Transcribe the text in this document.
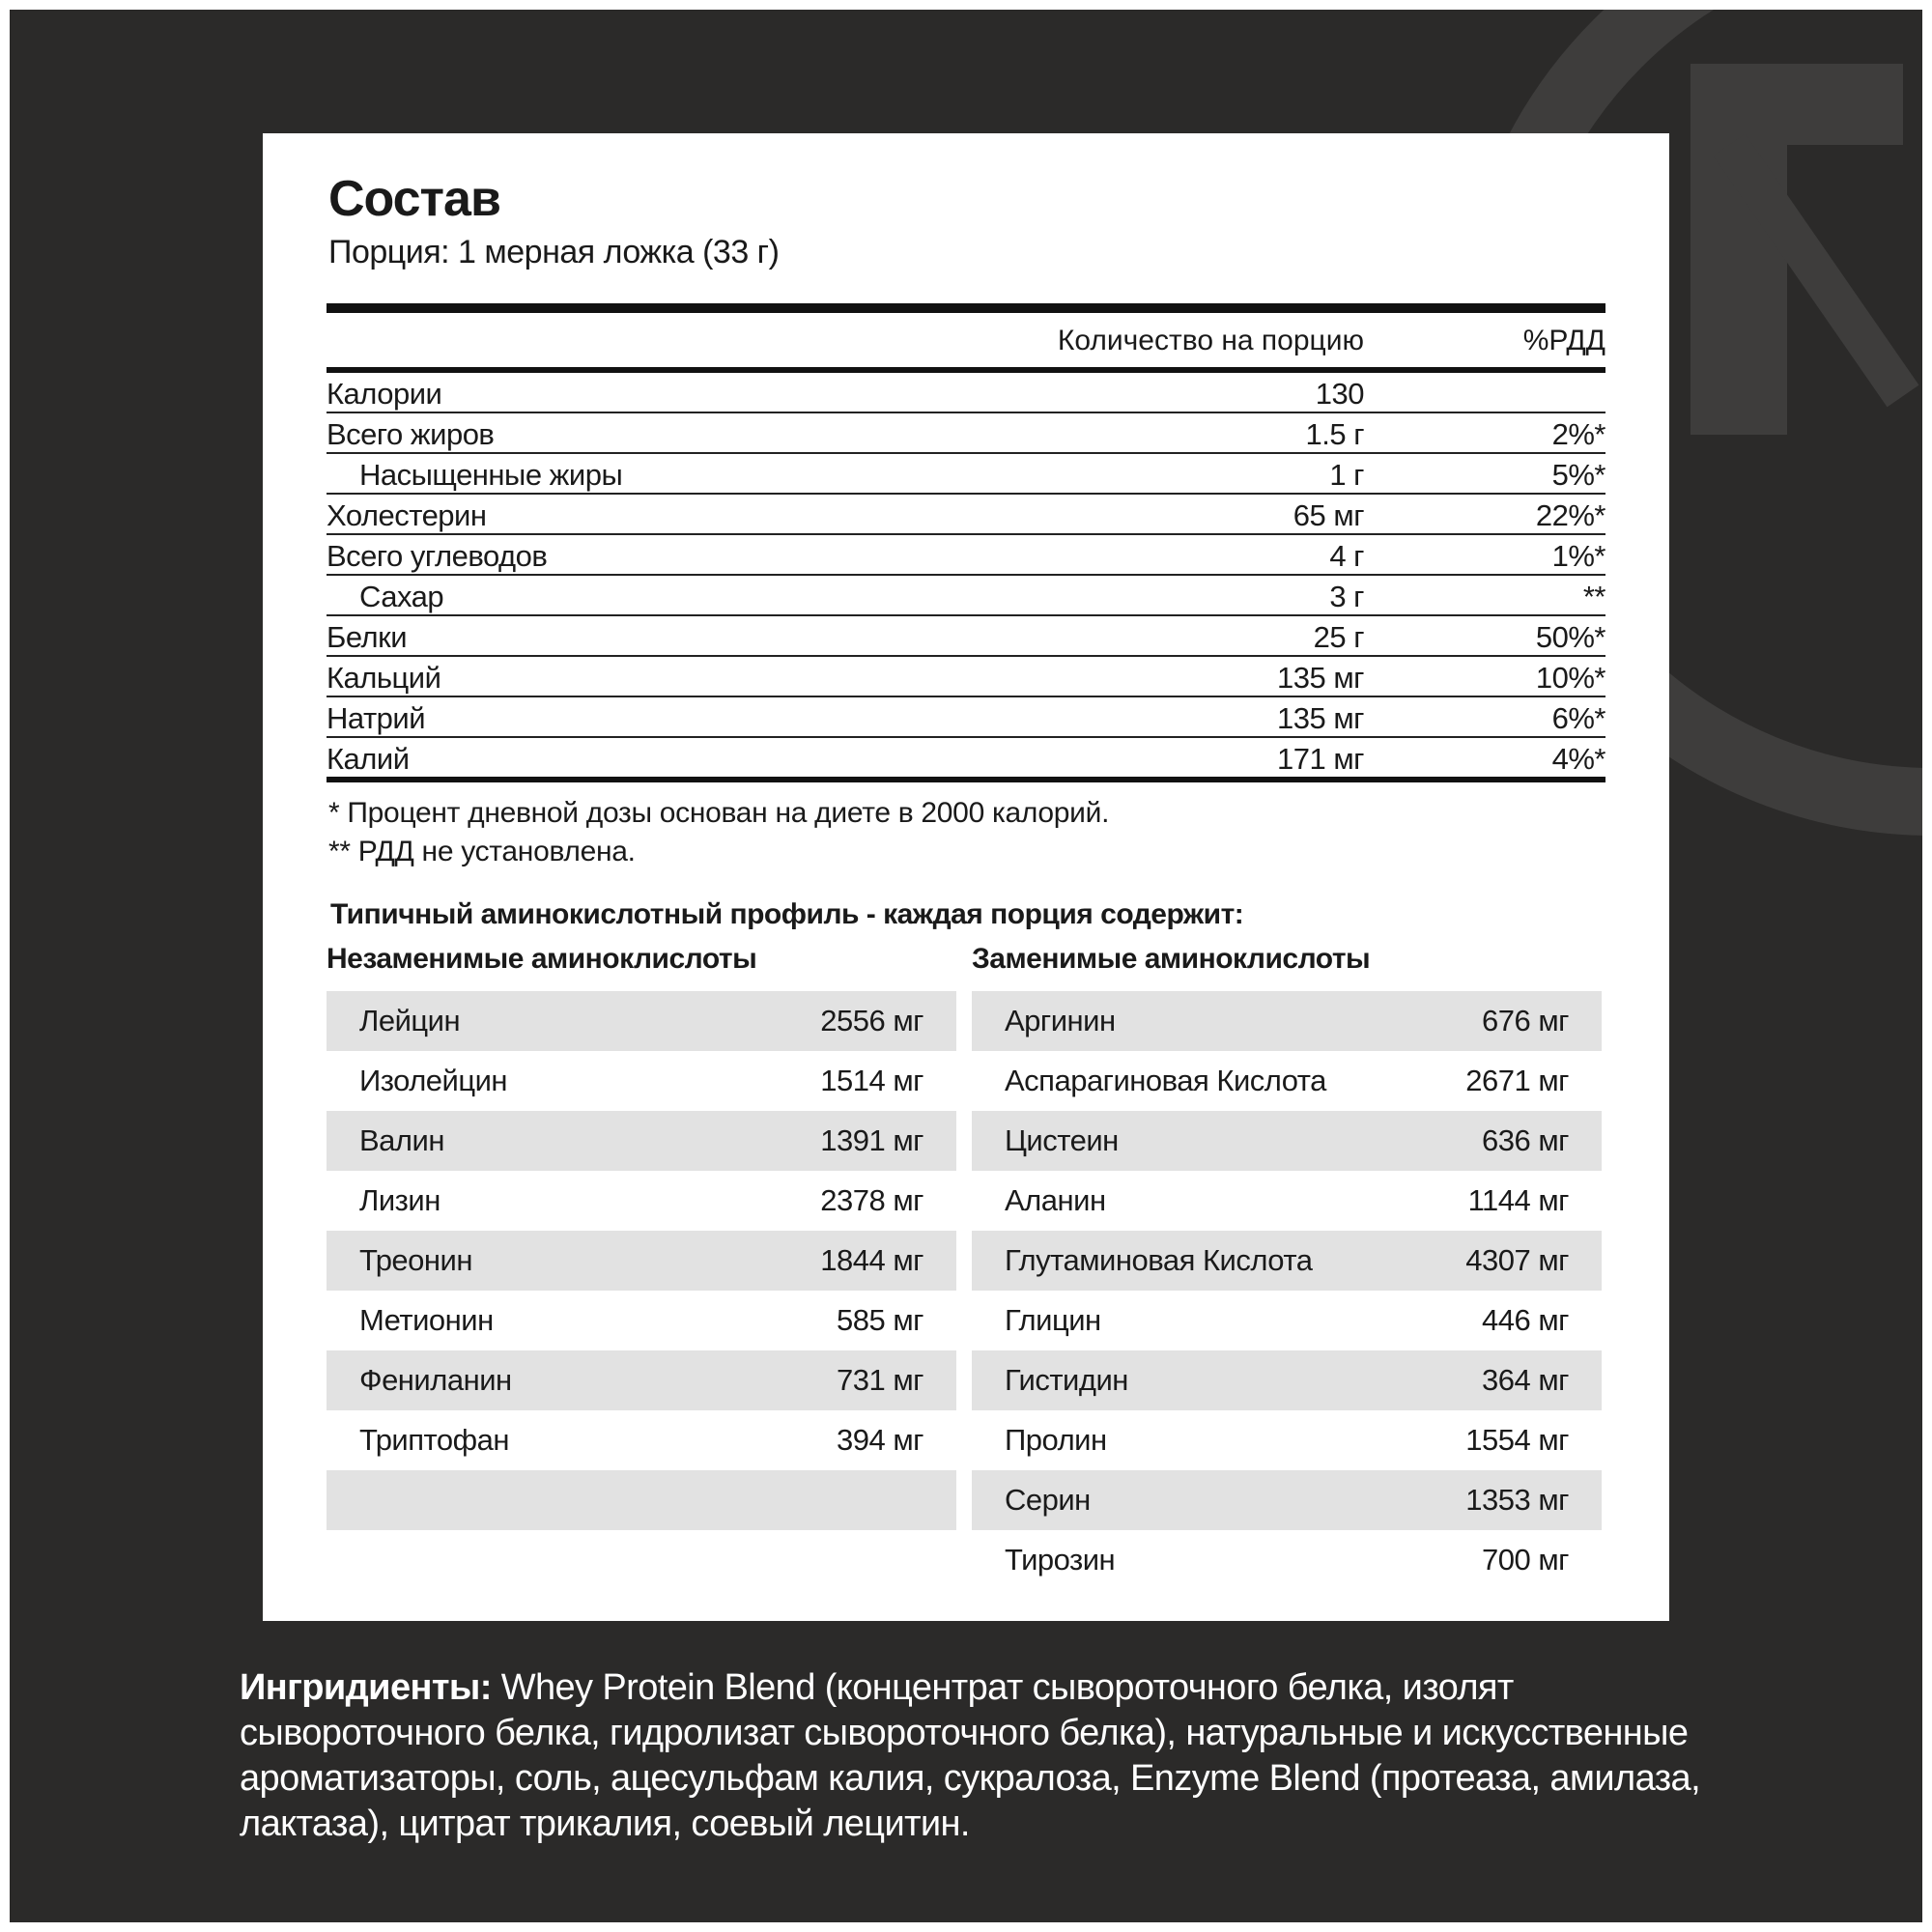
Состав
Порция: 1 мерная ложка (33 г)
Количество на порцию	%РДД
Калории	130
Всего жиров	1.5 г	2%*
Насыщенные жиры	1 г	5%*
Холестерин	65 мг	22%*
Всего углеводов	4 г	1%*
Сахар	3 г	**
Белки	25 г	50%*
Кальций	135 мг	10%*
Натрий	135 мг	6%*
Калий	171 мг	4%*
* Процент дневной дозы основан на диете в 2000 калорий.
** РДД не установлена.
Типичный аминокислотный профиль - каждая порция содержит:
Незаменимые аминоклислоты	Заменимые аминоклислоты
Лейцин	2556 мг
Изолейцин	1514 мг
Валин	1391 мг
Лизин	2378 мг
Треонин	1844 мг
Метионин	585 мг
Фениланин	731 мг
Триптофан	394 мг
Аргинин	676 мг
Аспарагиновая Кислота	2671 мг
Цистеин	636 мг
Аланин	1144 мг
Глутаминовая Кислота	4307 мг
Глицин	446 мг
Гистидин	364 мг
Пролин	1554 мг
Серин	1353 мг
Тирозин	700 мг
Ингридиенты: Whey Protein Blend (концентрат сывороточного белка, изолят сывороточного белка, гидролизат сывороточного белка), натуральные и искусственные ароматизаторы, соль, ацесульфам калия, сукралоза, Enzyme Blend (протеаза, амилаза, лактаза), цитрат трикалия, соевый лецитин.
